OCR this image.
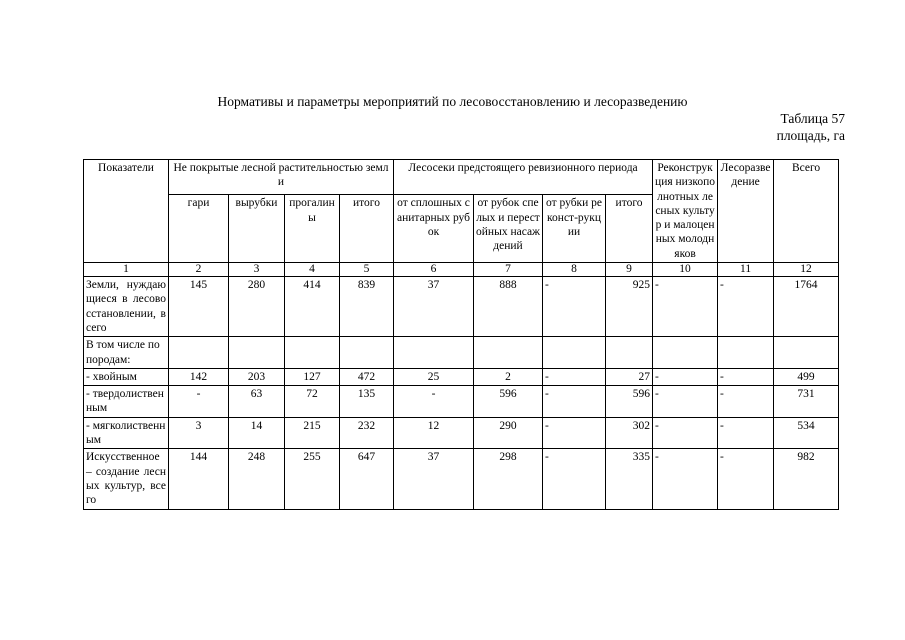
Нормативы и параметры мероприятий по лесовосстановлению и лесоразведению
Таблица 57
площадь, га
Показатели	Не покрытые лесной растительностью земли				Лесосеки предстоящего ревизионного периода				Реконструкция низкополнотных лесных культур и малоценных молодняков	Лесоразведение	Всего
	гари	вырубки	прогалины	итого	от сплошных санитарных рубок	от рубок спелых и перестойных насаждений	от рубки реконст-рукции	итого			
1	2	3	4	5	6	7	8	9	10	11	12
Земли, нуждающиеся в лесовосстановлении, всего	145	280	414	839	37	888	-	925	-	-	1764
В том числе по породам:											
- хвойным	142	203	127	472	25	2	-	27	-	-	499
- твердолиственным	-	63	72	135	-	596	-	596	-	-	731
- мягколиственным	3	14	215	232	12	290	-	302	-	-	534
Искусственное – создание лесных культур, всего	144	248	255	647	37	298	-	335	-	-	982
